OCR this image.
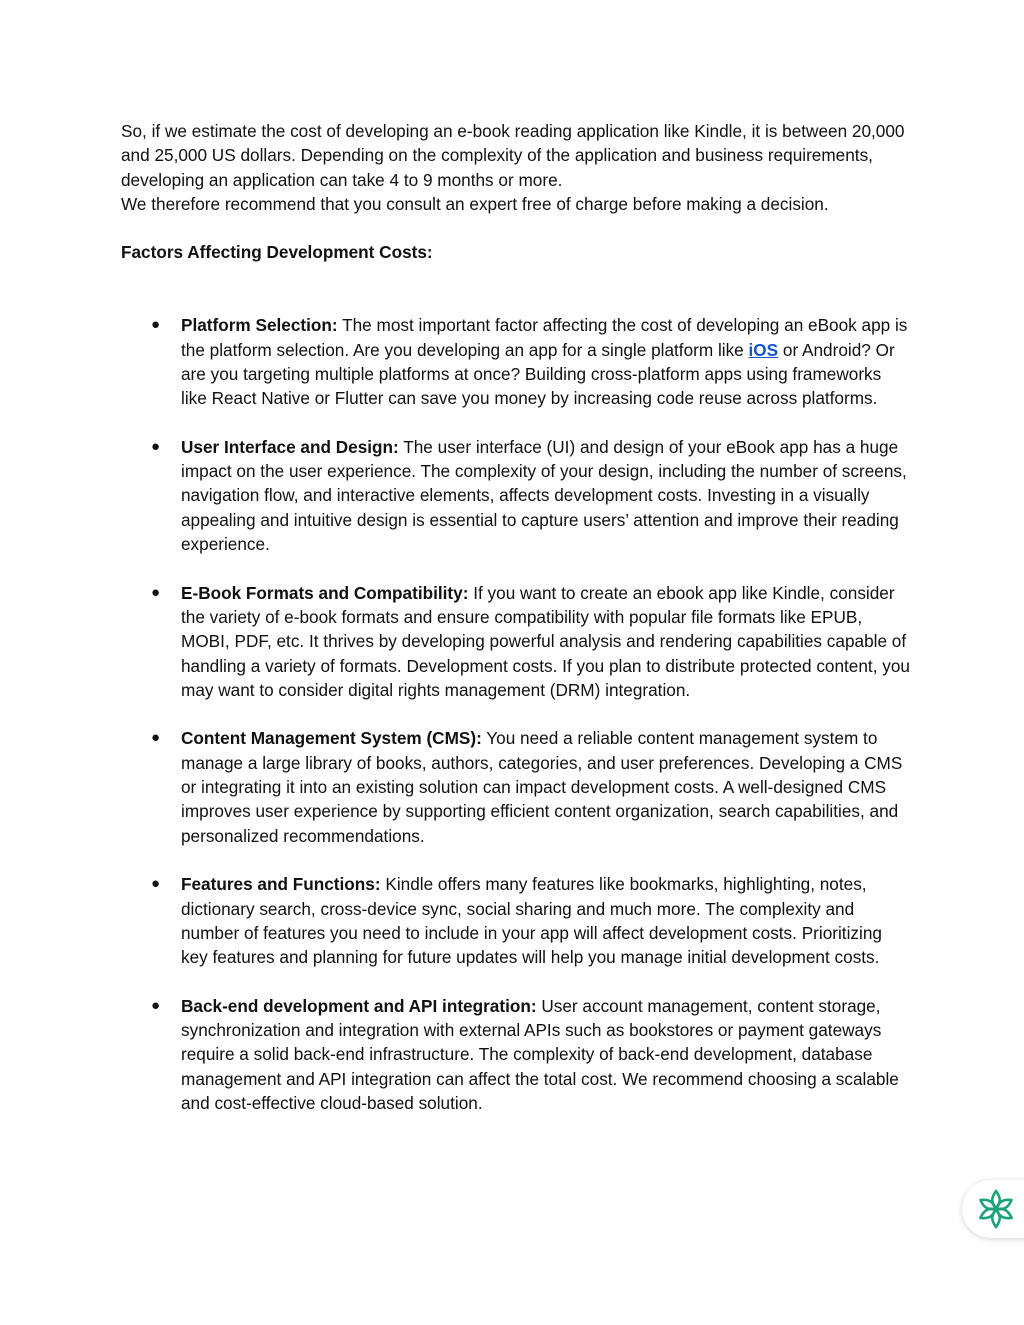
So, if we estimate the cost of developing an e-book reading application like Kindle, it is between 20,000 and 25,000 US dollars. Depending on the complexity of the application and business requirements, developing an application can take 4 to 9 months or more.

We therefore recommend that you consult an expert free of charge before making a decision.

Factors Affecting Development Costs:

● Platform Selection: The most important factor affecting the cost of developing an eBook app is the platform selection. Are you developing an app for a single platform like iOS or Android? Or are you targeting multiple platforms at once? Building cross-platform apps using frameworks like React Native or Flutter can save you money by increasing code reuse across platforms.
● User Interface and Design: The user interface (UI) and design of your eBook app has a huge impact on the user experience. The complexity of your design, including the number of screens, navigation flow, and interactive elements, affects development costs. Investing in a visually appealing and intuitive design is essential to capture users’ attention and improve their reading experience.
● E-Book Formats and Compatibility: If you want to create an ebook app like Kindle, consider the variety of e-book formats and ensure compatibility with popular file formats like EPUB, MOBI, PDF, etc. It thrives by developing powerful analysis and rendering capabilities capable of handling a variety of formats. Development costs. If you plan to distribute protected content, you may want to consider digital rights management (DRM) integration.
● Content Management System (CMS): You need a reliable content management system to manage a large library of books, authors, categories, and user preferences. Developing a CMS or integrating it into an existing solution can impact development costs. A well-designed CMS improves user experience by supporting efficient content organization, search capabilities, and personalized recommendations.
● Features and Functions: Kindle offers many features like bookmarks, highlighting, notes, dictionary search, cross-device sync, social sharing and much more. The complexity and number of features you need to include in your app will affect development costs. Prioritizing key features and planning for future updates will help you manage initial development costs.
● Back-end development and API integration: User account management, content storage, synchronization and integration with external APIs such as bookstores or payment gateways require a solid back-end infrastructure. The complexity of back-end development, database management and API integration can affect the total cost. We recommend choosing a scalable and cost-effective cloud-based solution.
